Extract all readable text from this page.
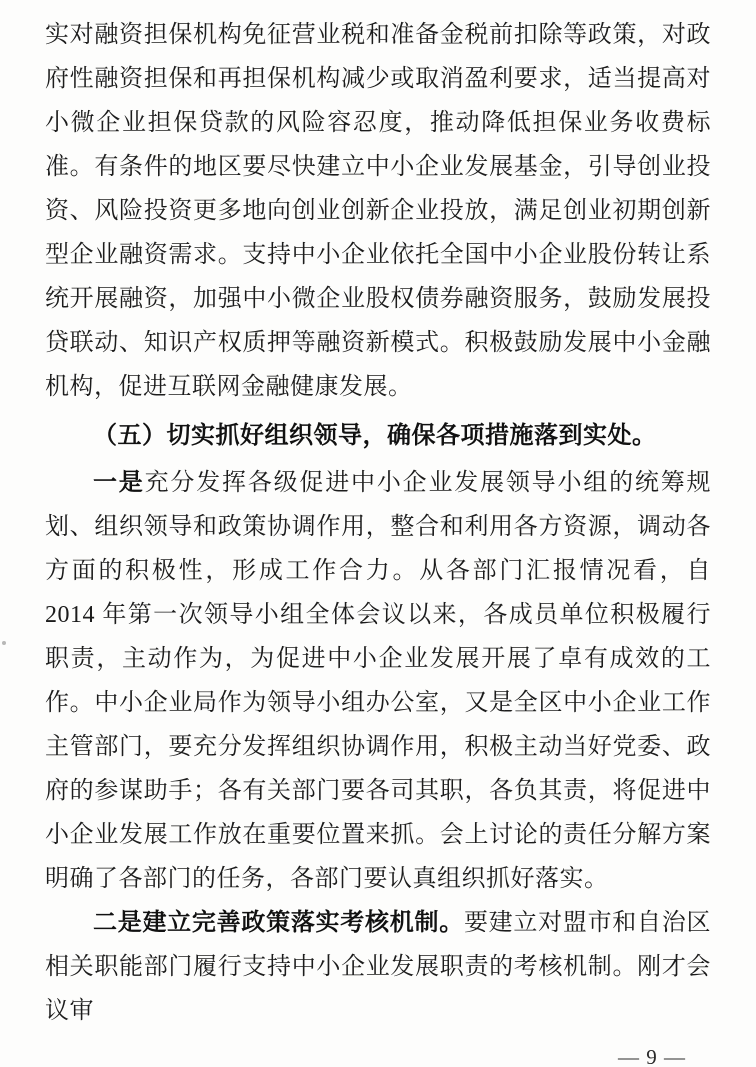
实对融资担保机构免征营业税和准备金税前扣除等政策，对政府性融资担保和再担保机构减少或取消盈利要求，适当提高对小微企业担保贷款的风险容忍度，推动降低担保业务收费标准。有条件的地区要尽快建立中小企业发展基金，引导创业投资、风险投资更多地向创业创新企业投放，满足创业初期创新型企业融资需求。支持中小企业依托全国中小企业股份转让系统开展融资，加强中小微企业股权债券融资服务，鼓励发展投贷联动、知识产权质押等融资新模式。积极鼓励发展中小金融机构，促进互联网金融健康发展。

（五）切实抓好组织领导，确保各项措施落到实处。

一是充分发挥各级促进中小企业发展领导小组的统筹规划、组织领导和政策协调作用，整合和利用各方资源，调动各方面的积极性，形成工作合力。从各部门汇报情况看，自 2014 年第一次领导小组全体会议以来，各成员单位积极履行职责，主动作为，为促进中小企业发展开展了卓有成效的工作。中小企业局作为领导小组办公室，又是全区中小企业工作主管部门，要充分发挥组织协调作用，积极主动当好党委、政府的参谋助手；各有关部门要各司其职，各负其责，将促进中小企业发展工作放在重要位置来抓。会上讨论的责任分解方案明确了各部门的任务，各部门要认真组织抓好落实。

二是建立完善政策落实考核机制。要建立对盟市和自治区相关职能部门履行支持中小企业发展职责的考核机制。刚才会议审

— 9 —
